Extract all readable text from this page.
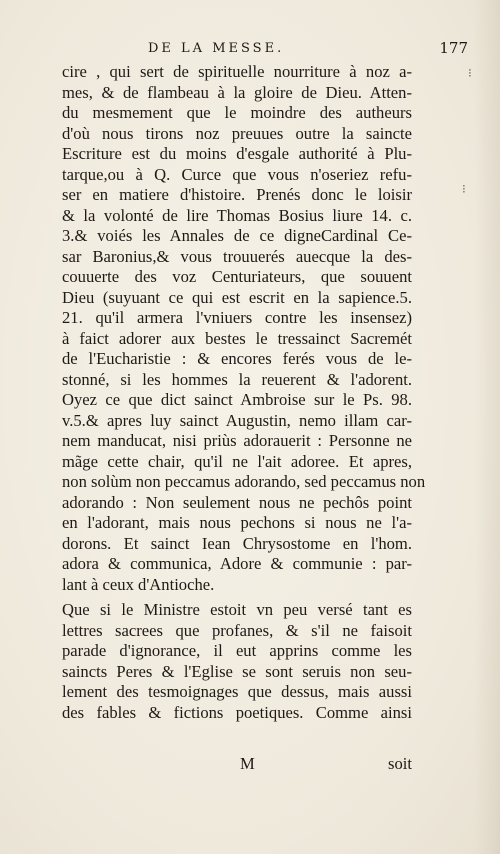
DE LA MESSE.	177
cire , qui sert de spirituelle nourriture à noz a-
mes, & de flambeau à la gloire de Dieu. Atten-
du mesmement que le moindre des autheurs
d'où nous tirons noz preuues outre la saincte
Escriture est du moins d'esgale authorité à Plu-
tarque,ou à Q. Curce que vous n'oseriez refu-
ser en matiere d'histoire. Prenés donc le loisir
& la volonté de lire Thomas Bosius liure 14. c.
3.& voiés les Annales de ce digneCardinal Ce-
sar Baronius,& vous trouuerés auecque la des-
couuerte des voz Centuriateurs, que souuent
Dieu (suyuant ce qui est escrit en la sapience.5.
21. qu'il armera l'vniuers contre les insensez)
à faict adorer aux bestes le tressainct Sacremét
de l'Eucharistie : & encores ferés vous de le-
stonné, si les hommes la reuerent & l'adorent.
Oyez ce que dict sainct Ambroise sur le Ps. 98.
v.5.& apres luy sainct Augustin, nemo illam car-
nem manducat, nisi priùs adorauerit : Personne ne
mãge cette chair, qu'il ne l'ait adoree. Et apres,
non solùm non peccamus adorando, sed peccamus non
adorando : Non seulement nous ne pechôs point
en l'adorant, mais nous pechons si nous ne l'a-
dorons. Et sainct Iean Chrysostome en l'hom.
adora & communica, Adore & communie : par-
lant à ceux d'Antioche.
Que si le Ministre estoit vn peu versé tant es
lettres sacrees que profanes, & s'il ne faisoit
parade d'ignorance, il eut apprins comme les
saincts Peres & l'Eglise se sont seruis non seu-
lement des tesmoignages que dessus, mais aussi
des fables & fictions poetiques. Comme ainsi
M	soit
⁝
⁝
